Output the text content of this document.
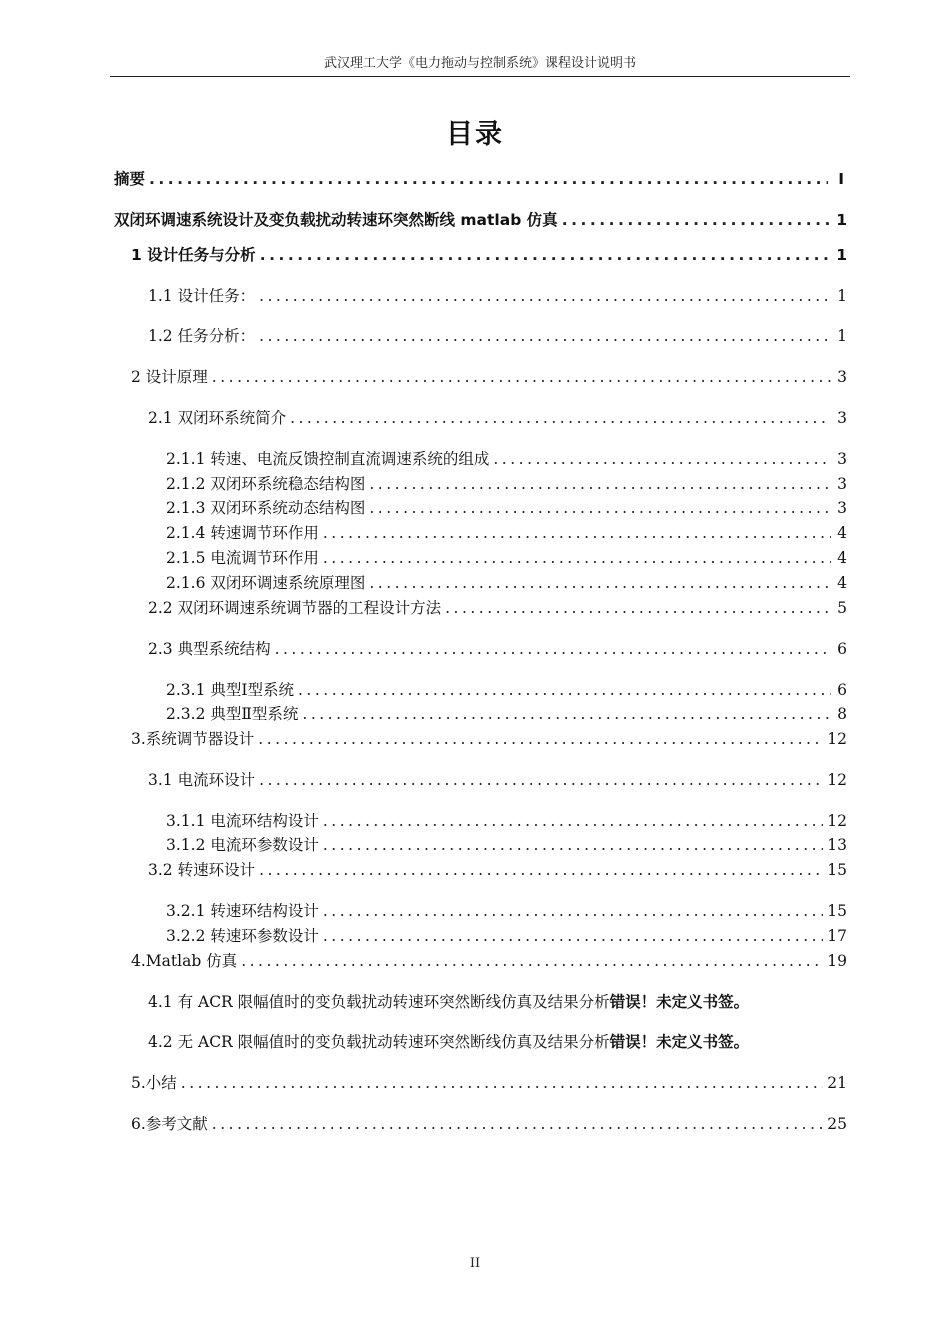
武汉理工大学《电力拖动与控制系统》课程设计说明书
目录
摘要 .....	I
双闭环调速系统设计及变负载扰动转速环突然断线 matlab 仿真 .....	1
1 设计任务与分析 .....	1
1.1 设计任务： .....	1
1.2 任务分析： .....	1
2 设计原理 .....	3
2.1 双闭环系统简介 .....	3
2.1.1 转速、电流反馈控制直流调速系统的组成 .....	3
2.1.2 双闭环系统稳态结构图 .....	3
2.1.3 双闭环系统动态结构图 .....	3
2.1.4 转速调节环作用 .....	4
2.1.5 电流调节环作用 .....	4
2.1.6 双闭环调速系统原理图 .....	4
2.2 双闭环调速系统调节器的工程设计方法 .....	5
2.3 典型系统结构 .....	6
2.3.1 典型Ⅰ型系统 .....	6
2.3.2 典型Ⅱ型系统 .....	8
3.系统调节器设计 .....	12
3.1 电流环设计 .....	12
3.1.1 电流环结构设计 .....	12
3.1.2 电流环参数设计 .....	13
3.2 转速环设计 .....	15
3.2.1 转速环结构设计 .....	15
3.2.2 转速环参数设计 .....	17
4.Matlab 仿真 .....	19
4.1 有 ACR 限幅值时的变负载扰动转速环突然断线仿真及结果分析 错误！未定义书签。
4.2 无 ACR 限幅值时的变负载扰动转速环突然断线仿真及结果分析 错误！未定义书签。
5.小结 .....	21
6.参考文献 .....	25
II
